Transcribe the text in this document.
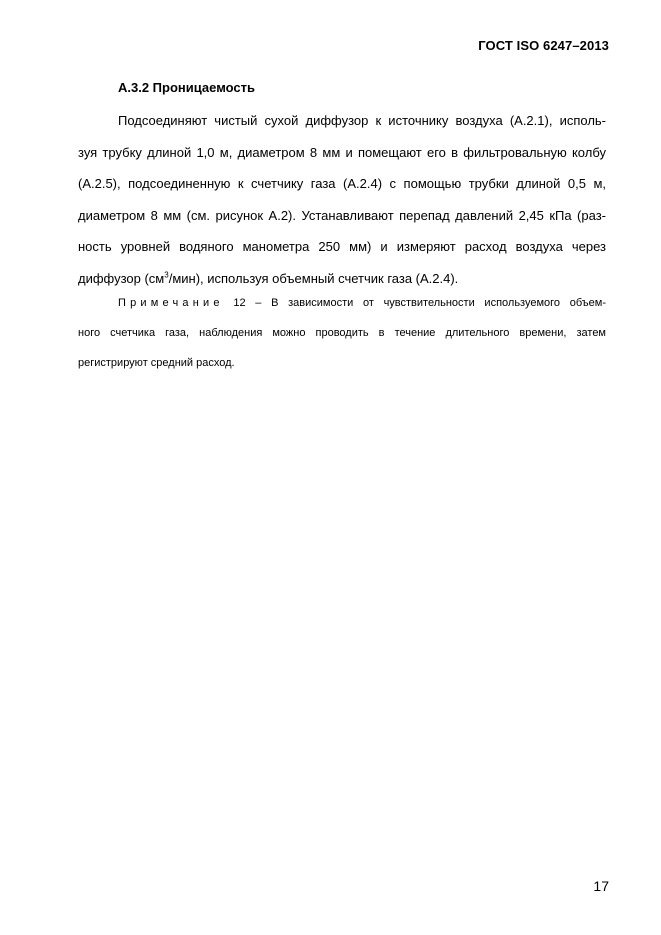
ГОСТ ISO 6247–2013
А.3.2 Проницаемость
Подсоединяют чистый сухой диффузор к источнику воздуха (А.2.1), исполь-
зуя трубку длиной 1,0 м, диаметром 8 мм и помещают его в фильтровальную колбу
(А.2.5), подсоединенную к счетчику газа (А.2.4) с помощью трубки длиной 0,5 м,
диаметром 8 мм (см. рисунок А.2). Устанавливают перепад давлений 2,45 кПа (раз-
ность уровней водяного манометра 250 мм) и измеряют расход воздуха через
диффузор $(см^3/мин)$, используя объемный счетчик газа (А.2.4).
Примечание 12 – В зависимости от чувствительности используемого объем-
ного счетчика газа, наблюдения можно проводить в течение длительного времени, затем
регистрируют средний расход.
17
